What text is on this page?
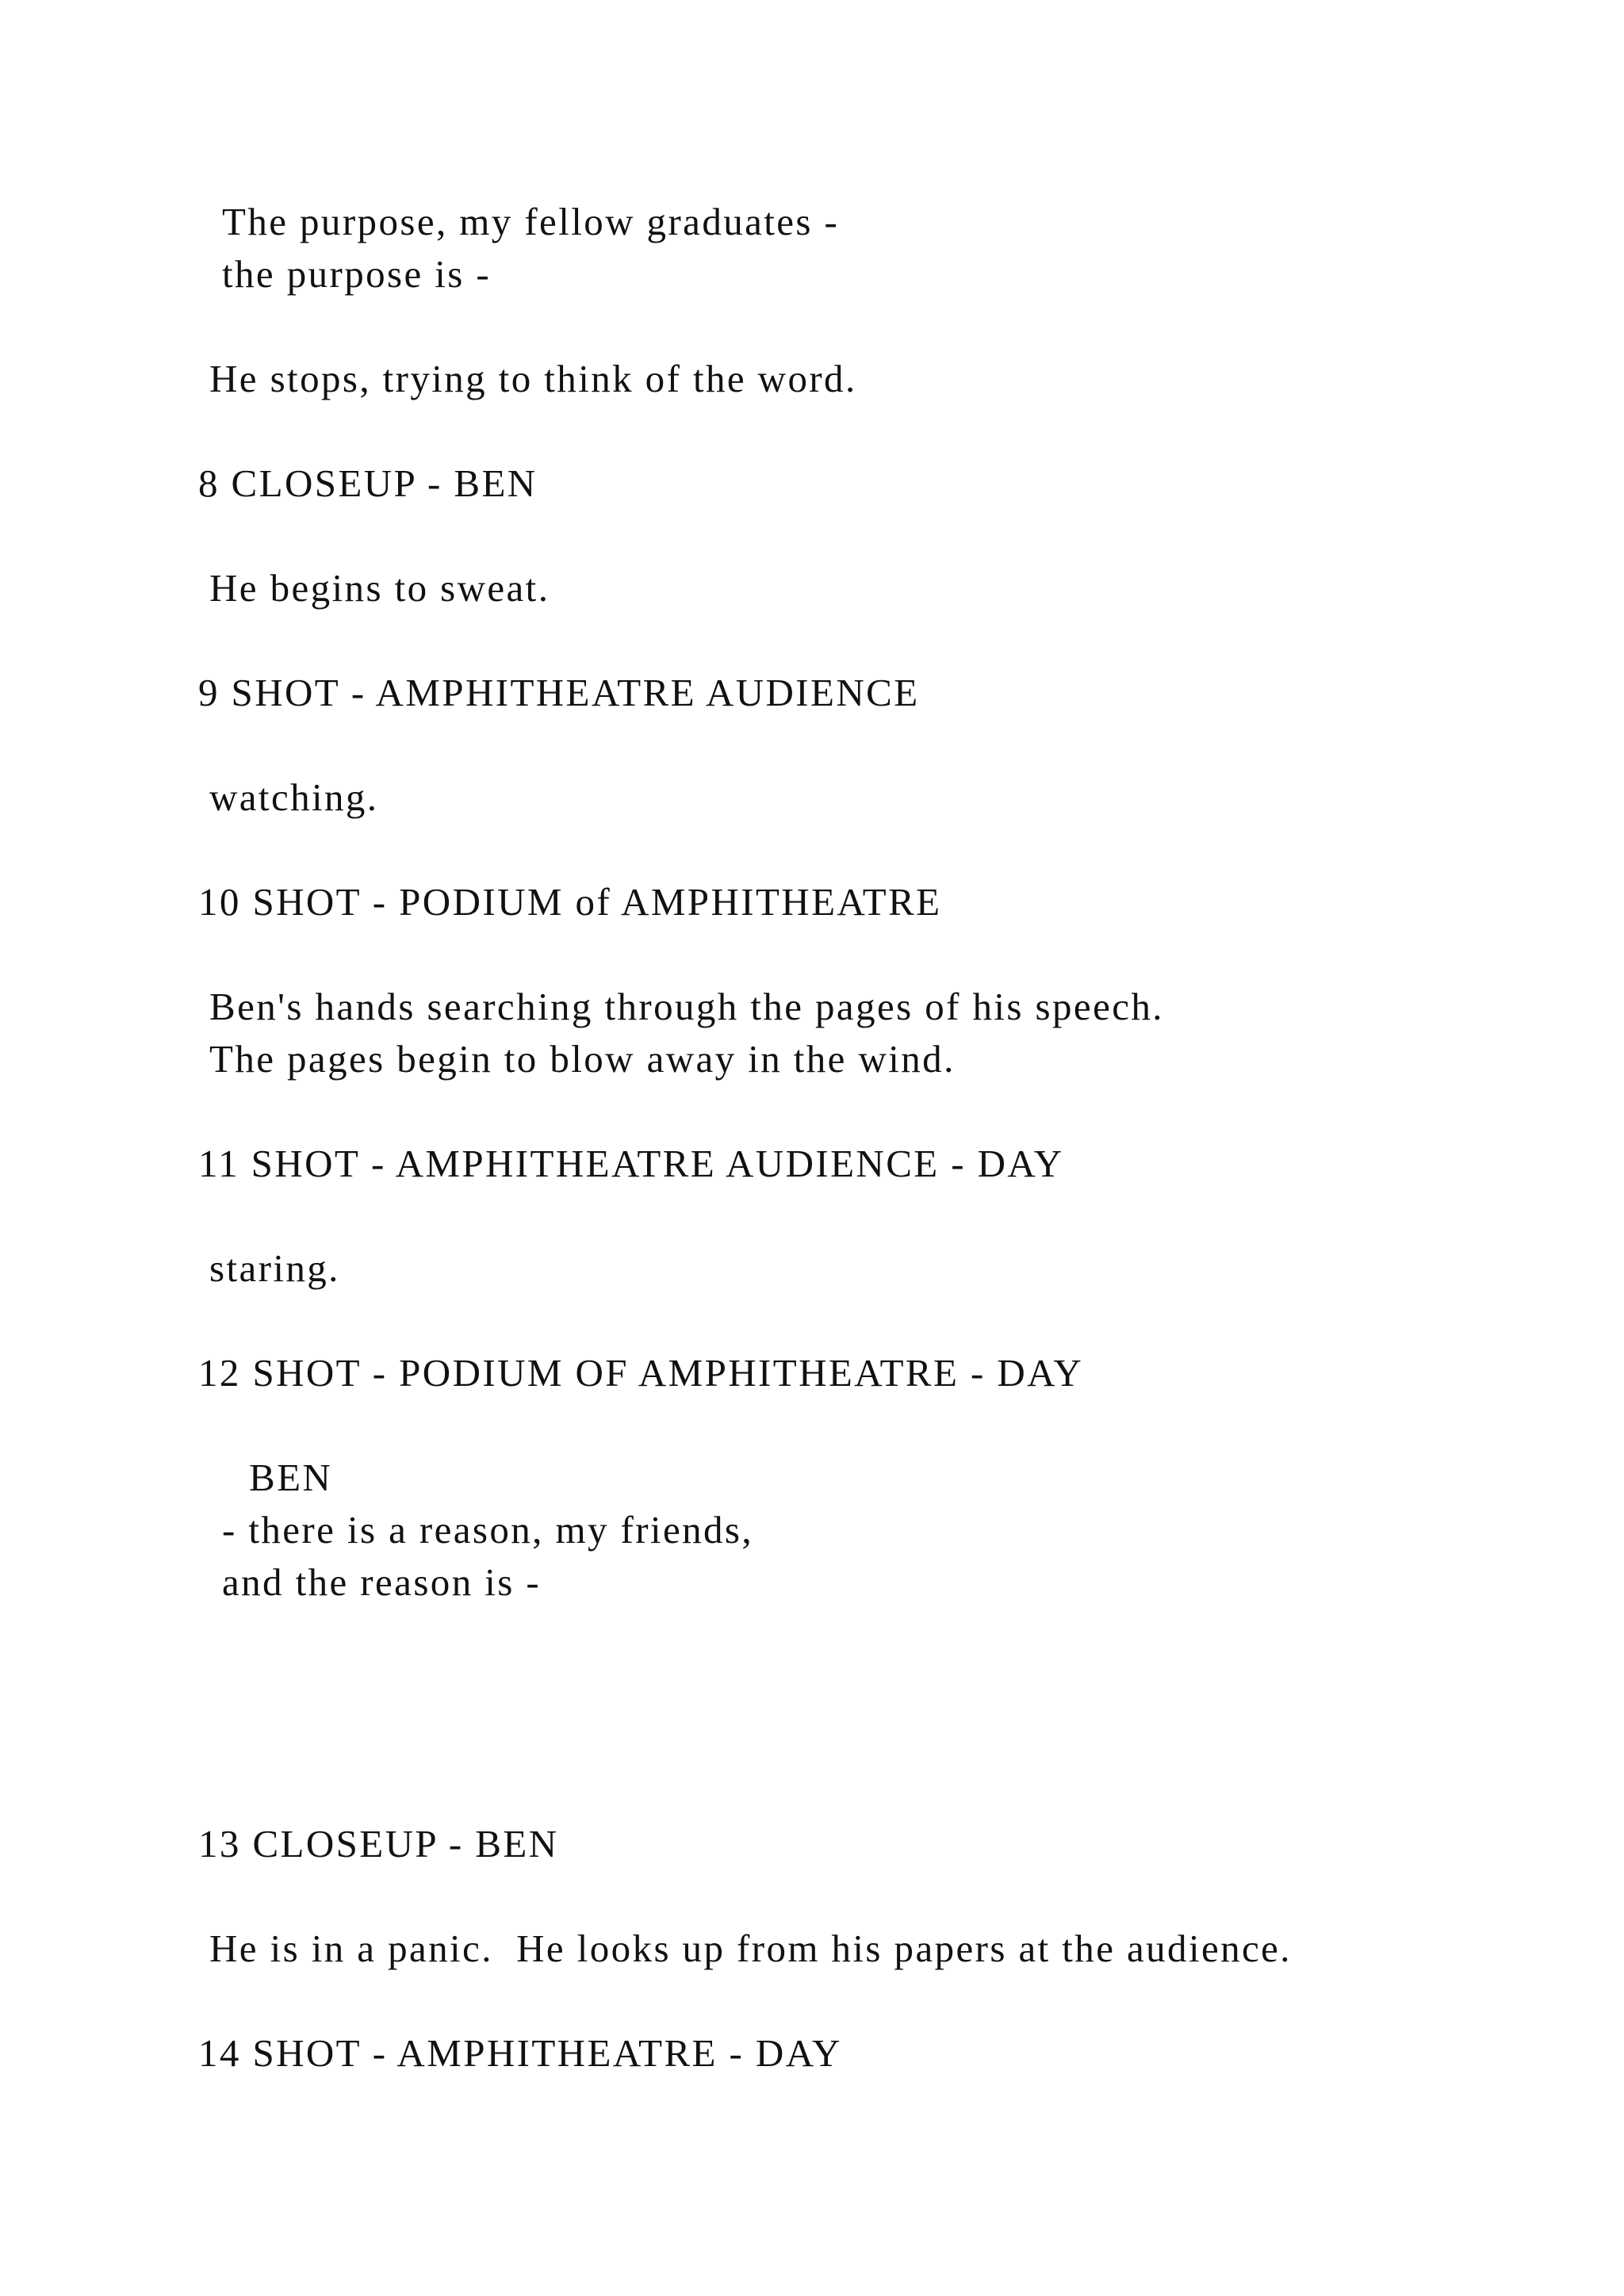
The purpose, my fellow graduates -

the purpose is -

He stops, trying to think of the word.

8 CLOSEUP - BEN

He begins to sweat.

9 SHOT - AMPHITHEATRE AUDIENCE

watching.

10 SHOT - PODIUM of AMPHITHEATRE

Ben's hands searching through the pages of his speech.

The pages begin to blow away in the wind.

11 SHOT - AMPHITHEATRE AUDIENCE - DAY

staring.

12 SHOT - PODIUM OF AMPHITHEATRE - DAY

BEN

- there is a reason, my friends,

and the reason is -

13 CLOSEUP - BEN

He is in a panic.  He looks up from his papers at the audience.

14 SHOT - AMPHITHEATRE - DAY
